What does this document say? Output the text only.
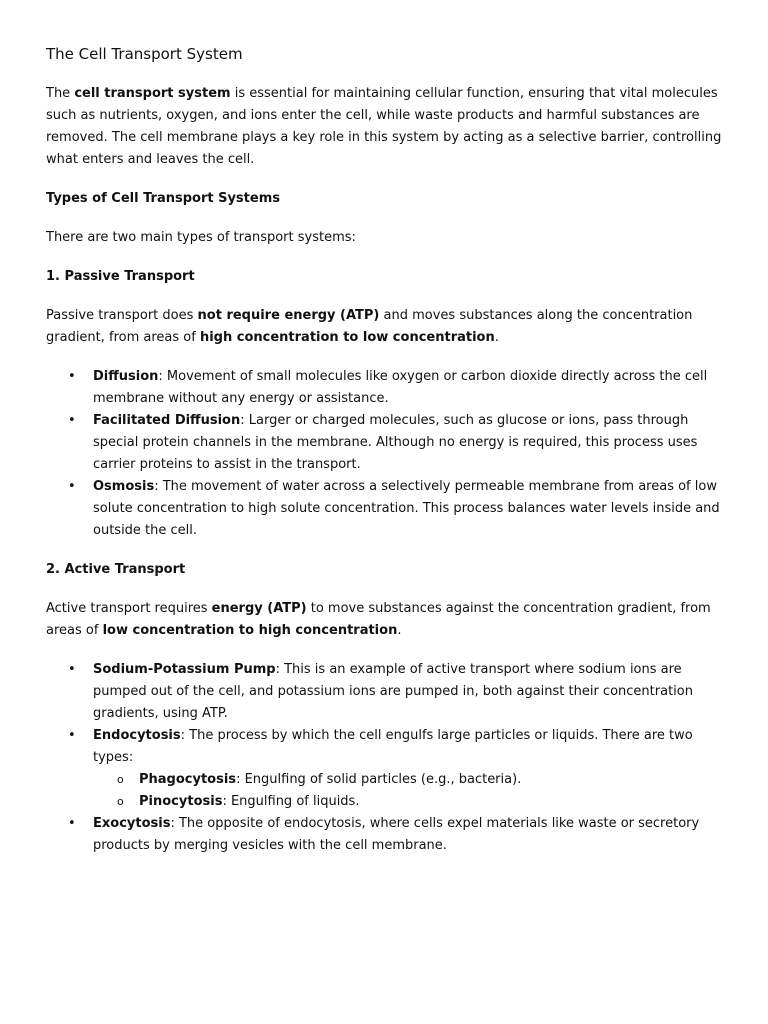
The Cell Transport System

The cell transport system is essential for maintaining cellular function, ensuring that vital molecules such as nutrients, oxygen, and ions enter the cell, while waste products and harmful substances are removed. The cell membrane plays a key role in this system by acting as a selective barrier, controlling what enters and leaves the cell.

Types of Cell Transport Systems

There are two main types of transport systems:

1. Passive Transport

Passive transport does not require energy (ATP) and moves substances along the concentration gradient, from areas of high concentration to low concentration.

• Diffusion: Movement of small molecules like oxygen or carbon dioxide directly across the cell membrane without any energy or assistance.
• Facilitated Diffusion: Larger or charged molecules, such as glucose or ions, pass through special protein channels in the membrane. Although no energy is required, this process uses carrier proteins to assist in the transport.
• Osmosis: The movement of water across a selectively permeable membrane from areas of low solute concentration to high solute concentration. This process balances water levels inside and outside the cell.
2. Active Transport

Active transport requires energy (ATP) to move substances against the concentration gradient, from areas of low concentration to high concentration.

• Sodium-Potassium Pump: This is an example of active transport where sodium ions are pumped out of the cell, and potassium ions are pumped in, both against their concentration gradients, using ATP.
• Endocytosis: The process by which the cell engulfs large particles or liquids. There are two types:
o Phagocytosis: Engulfing of solid particles (e.g., bacteria).
o Pinocytosis: Engulfing of liquids.
• Exocytosis: The opposite of endocytosis, where cells expel materials like waste or secretory products by merging vesicles with the cell membrane.
